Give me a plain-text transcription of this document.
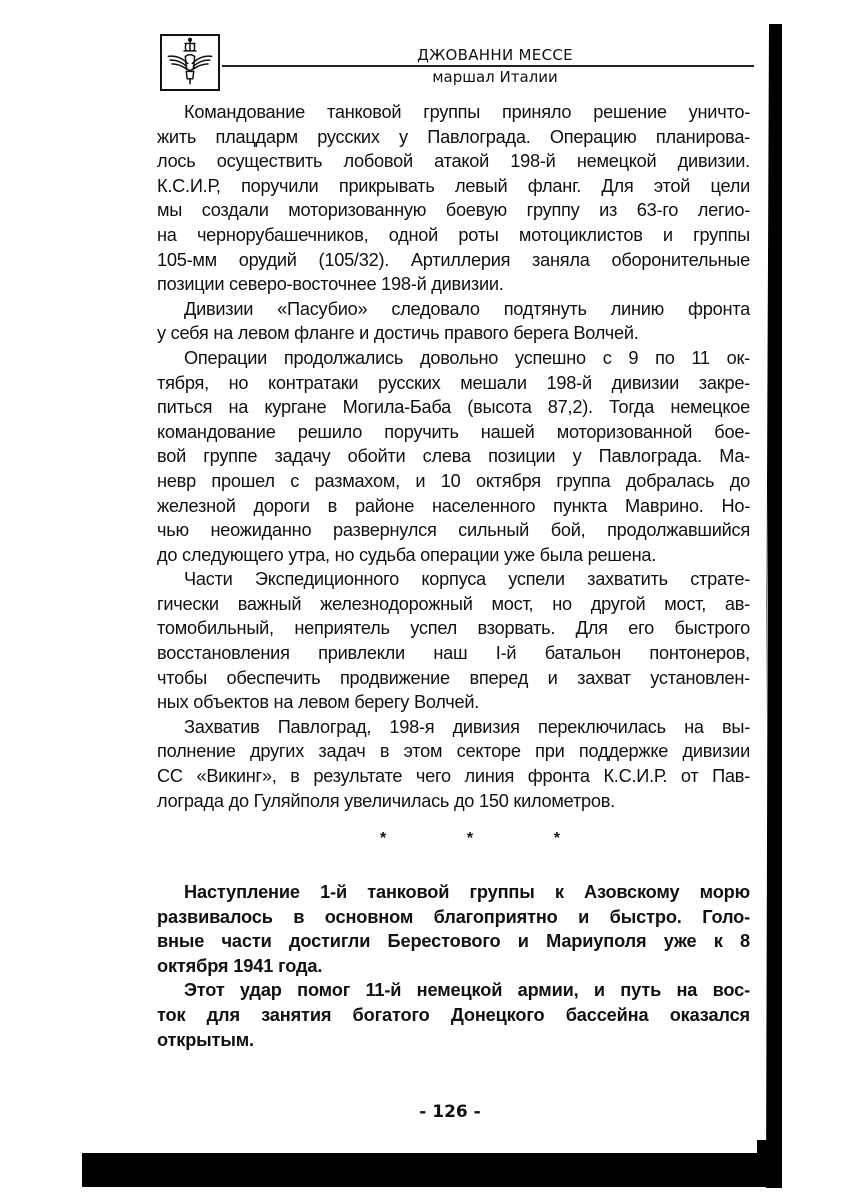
ДЖОВАННИ МЕССЕ
маршал Италии
Командование танковой группы приняло решение уничто-
жить плацдарм русских у Павлограда. Операцию планирова-
лось осуществить лобовой атакой 198-й немецкой дивизии.
К.С.И.Р, поручили прикрывать левый фланг. Для этой цели
мы создали моторизованную боевую группу из 63-го легио-
на чернорубашечников, одной роты мотоциклистов и группы
105-мм орудий (105/32). Артиллерия заняла оборонительные
позиции северо-восточнее 198-й дивизии.
Дивизии «Пасубио» следовало подтянуть линию фронта
у себя на левом фланге и достичь правого берега Волчей.
Операции продолжались довольно успешно с 9 по 11 ок-
тября, но контратаки русских мешали 198-й дивизии закре-
питься на кургане Могила-Баба (высота 87,2). Тогда немецкое
командование решило поручить нашей моторизованной бое-
вой группе задачу обойти слева позиции у Павлограда. Ма-
невр прошел с размахом, и 10 октября группа добралась до
железной дороги в районе населенного пункта Маврино. Но-
чью неожиданно развернулся сильный бой, продолжавшийся
до следующего утра, но судьба операции уже была решена.
Части Экспедиционного корпуса успели захватить страте-
гически важный железнодорожный мост, но другой мост, ав-
томобильный, неприятель успел взорвать. Для его быстрого
восстановления привлекли наш I-й батальон понтонеров,
чтобы обеспечить продвижение вперед и захват установлен-
ных объектов на левом берегу Волчей.
Захватив Павлоград, 198-я дивизия переключилась на вы-
полнение других задач в этом секторе при поддержке дивизии
СС «Викинг», в результате чего линия фронта К.С.И.Р. от Пав-
лограда до Гуляйполя увеличилась до 150 километров.
*	*	*
Наступление 1-й танковой группы к Азовскому морю
развивалось в основном благоприятно и быстро. Голо-
вные части достигли Берестового и Мариуполя уже к 8
октября 1941 года.
Этот удар помог 11-й немецкой армии, и путь на вос-
ток для занятия богатого Донецкого бассейна оказался
открытым.
- 126 -
